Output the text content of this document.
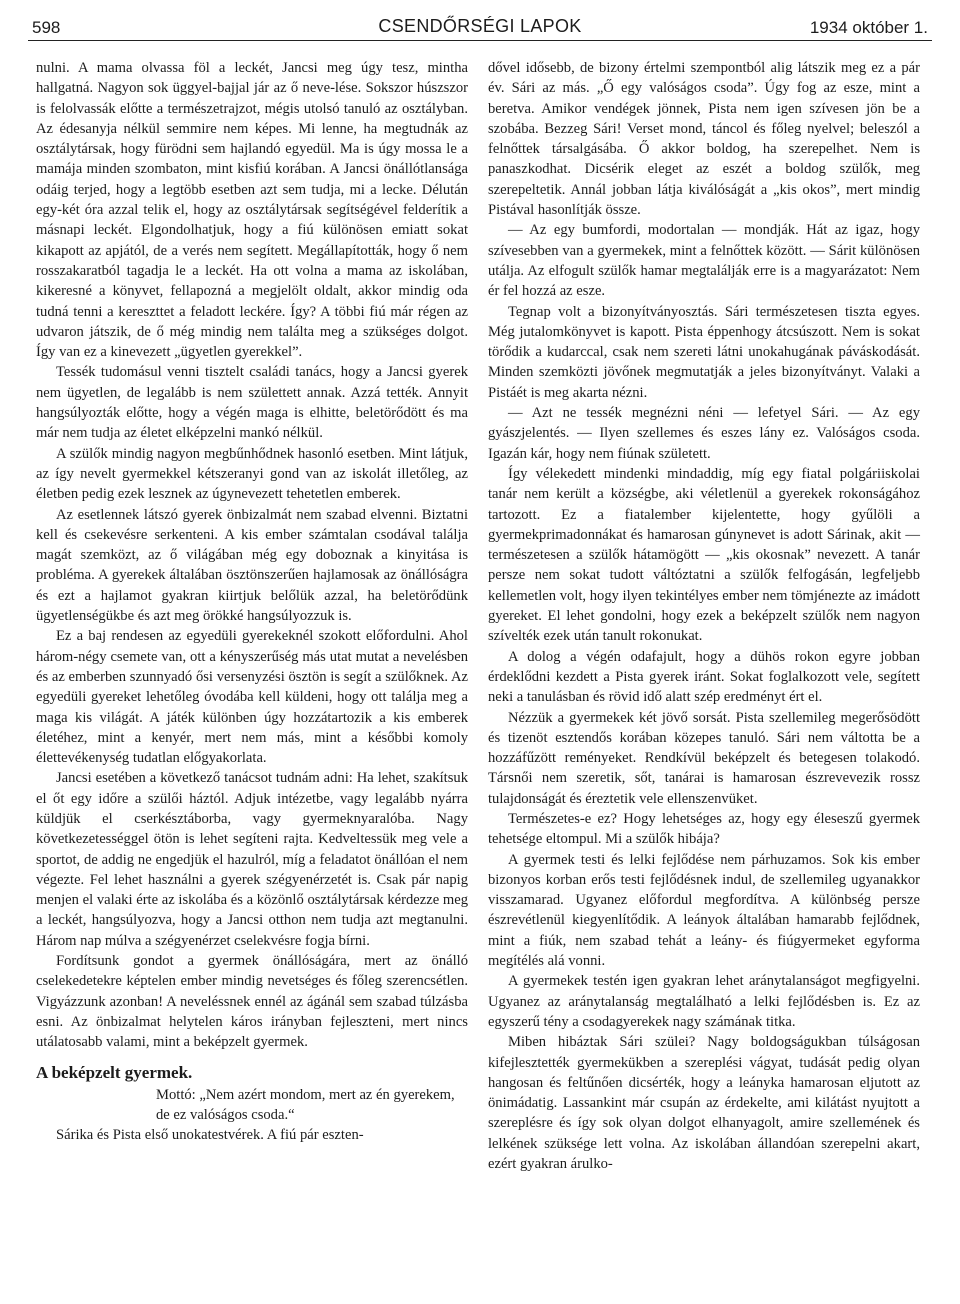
598	CSENDŐRSÉGI LAPOK	1934 október 1.

nulni. A mama olvassa föl a leckét, Jancsi meg úgy tesz, mintha hallgatná. Nagyon sok üggyel-bajjal jár az ő neve-lése. Sokszor húszszor is felolvassák előtte a természetrajzot, mégis utolsó tanuló az osztályban. Az édesanyja nélkül semmire nem képes. Mi lenne, ha megtudnák az osztálytársak, hogy fürödni sem hajlandó egyedül. Ma is úgy mossa le a mamája minden szombaton, mint kisfiú korában. A Jancsi önállótlansága odáig terjed, hogy a legtöbb esetben azt sem tudja, mi a lecke. Délután egy-két óra azzal telik el, hogy az osztálytársak segítségével felderítik a másnapi leckét. Elgondolhatjuk, hogy a fiú különösen emiatt sokat kikapott az apjától, de a verés nem segített. Megállapították, hogy ő nem rosszakaratból tagadja le a leckét. Ha ott volna a mama az iskolában, kikeresné a könyvet, fellapozná a megjelölt oldalt, akkor mindig oda tudná tenni a kereszttet a feladott leckére. Így? A többi fiú már régen az udvaron játszik, de ő még mindig nem találta meg a szükséges dolgot. Így van ez a kinevezett „ügyetlen gyerekkel”.

Tessék tudomásul venni tisztelt családi tanács, hogy a Jancsi gyerek nem ügyetlen, de legalább is nem születtett annak. Azzá tették. Annyit hangsúlyozták előtte, hogy a végén maga is elhitte, beletörődött és ma már nem tudja az életet elképzelni mankó nélkül.

A szülők mindig nagyon megbűnhődnek hasonló esetben. Mint látjuk, az így nevelt gyermekkel kétszeranyi gond van az iskolát illetőleg, az életben pedig ezek lesznek az úgynevezett tehetetlen emberek.

Az esetlennek látszó gyerek önbizalmát nem szabad elvenni. Biztatni kell és csekevésre serkenteni. A kis ember számtalan csodával találja magát szemközt, az ő világában még egy doboznak a kinyitása is probléma. A gyerekek általában ösztönszerűen hajlamosak az önállóságra és ezt a hajlamot gyakran kiirtjuk belőlük azzal, ha beletörődünk ügyetlenségükbe és azt meg örökké hangsúlyozzuk is.

Ez a baj rendesen az egyedüli gyerekeknél szokott előfordulni. Ahol három-négy csemete van, ott a kényszerűség más utat mutat a nevelésben és az emberben szunnyadó ősi versenyzési ösztön is segít a szülőknek. Az egyedüli gyereket lehetőleg óvodába kell küldeni, hogy ott találja meg a maga kis világát. A játék különben úgy hozzátartozik a kis emberek életéhez, mint a kenyér, mert nem más, mint a későbbi komoly élettevékenység tudatlan előgyakorlata.

Jancsi esetében a következő tanácsot tudnám adni: Ha lehet, szakítsuk el őt egy időre a szülői háztól. Adjuk intézetbe, vagy legalább nyárra küldjük el cserkésztáborba, vagy gyermeknyaralóba. Nagy következetességgel ötön is lehet segíteni rajta. Kedveltessük meg vele a sportot, de addig ne engedjük el hazulról, míg a feladatot önállóan el nem végezte. Fel lehet használni a gyerek szégyenérzetét is. Csak pár napig menjen el valaki érte az iskolába és a közönlő osztálytársak kérdezze meg a leckét, hangsúlyozva, hogy a Jancsi otthon nem tudja azt megtanulni. Három nap múlva a szégyenérzet cselekvésre fogja bírni.

Fordítsunk gondot a gyermek önállóságára, mert az önálló cselekedetekre képtelen ember mindig nevetséges és főleg szerencsétlen. Vigyázzunk azonban! A neveléssnek ennél az ágánál sem szabad túlzásba esni. Az önbizalmat helytelen káros irányban fejleszteni, mert nincs utálatosabb valami, mint a beképzelt gyermek.

A beképzelt gyermek.

Mottó: „Nem azért mondom, mert az én gyerekem, de ez valóságos csoda.“

Sárika és Pista első unokatestvérek. A fiú pár eszten-

dővel idősebb, de bizony értelmi szempontból alig látszik meg ez a pár év. Sári az más. „Ő egy valóságos csoda”. Úgy fog az esze, mint a beretva. Amikor vendégek jönnek, Pista nem igen szívesen jön be a szobába. Bezzeg Sári! Verset mond, táncol és főleg nyelvel; beleszól a felnőttek társalgásába. Ő akkor boldog, ha szerepelhet. Nem is panaszkodhat. Dicsérik eleget az eszét a boldog szülők, meg szerepeltetik. Annál jobban látja kiválóságát a „kis okos”, mert mindig Pistával hasonlítják össze.

— Az egy bumfordi, modortalan — mondják. Hát az igaz, hogy szívesebben van a gyermekek, mint a felnőttek között. — Sárit különösen utálja. Az elfogult szülők hamar megtalálják erre is a magyarázatot: Nem ér fel hozzá az esze.

Tegnap volt a bizonyítványosztás. Sári természetesen tiszta egyes. Még jutalomkönyvet is kapott. Pista éppenhogy átcsúszott. Nem is sokat törődik a kudarccal, csak nem szereti látni unokahugának páváskodását. Minden szemközti jövőnek megmutatják a jeles bizonyítványt. Valaki a Pistáét is meg akarta nézni.

— Azt ne tessék megnézni néni — lefetyel Sári. — Az egy gyászjelentés. — Ilyen szellemes és eszes lány ez. Valóságos csoda. Igazán kár, hogy nem fiúnak született.

Így vélekedett mindenki mindaddig, míg egy fiatal polgáriiskolai tanár nem került a községbe, aki véletlenül a gyerekek rokonságához tartozott. Ez a fiatalember kijelentette, hogy gyűlöli a gyermekprimadonnákat és hamarosan gúnynevet is adott Sárinak, akit — természetesen a szülők hátamögött — „kis okosnak” nevezett. A tanár persze nem sokat tudott váltóztatni a szülők felfogásán, legfeljebb kellemetlen volt, hogy ilyen tekintélyes ember nem tömjénezte az imádott gyereket. El lehet gondolni, hogy ezek a beképzelt szülők nem nagyon szívelték ezek után tanult rokonukat.

A dolog a végén odafajult, hogy a dühös rokon egyre jobban érdeklődni kezdett a Pista gyerek iránt. Sokat foglalkozott vele, segített neki a tanulásban és rövid idő alatt szép eredményt ért el.

Nézzük a gyermekek két jövő sorsát. Pista szellemileg megerősödött és tizenöt esztendős korában közepes tanuló. Sári nem váltotta be a hozzáfűzött reményeket. Rendkívül beképzelt és betegesen tolakodó. Társnői nem szeretik, sőt, tanárai is hamarosan észrevevezik rossz tulajdonságát és éreztetik vele ellenszenvüket.

Természetes-e ez? Hogy lehetséges az, hogy egy éleseszű gyermek tehetsége eltompul. Mi a szülők hibája?

A gyermek testi és lelki fejlődése nem párhuzamos. Sok kis ember bizonyos korban erős testi fejlődésnek indul, de szellemileg ugyanakkor visszamarad. Ugyanez előfordul megfordítva. A különbség persze észrevétlenül kiegyenlítődik. A leányok általában hamarabb fejlődnek, mint a fiúk, nem szabad tehát a leány- és fiúgyermeket egyforma megítélés alá vonni.

A gyermekek testén igen gyakran lehet aránytalanságot megfigyelni. Ugyanez az aránytalanság megtalálható a lelki fejlődésben is. Ez az egyszerű tény a csodagyerekek nagy számának titka.

Miben hibáztak Sári szülei? Nagy boldogságukban túlságosan kifejlesztették gyermekükben a szereplési vágyat, tudását pedig olyan hangosan és feltűnően dicsérték, hogy a leányka hamarosan eljutott az önimádatig. Lassankint már csupán az érdekelte, ami kilátást nyujtott a szereplésre és így sok olyan dolgot elhanyagolt, amire szellemének és lelkének szüksége lett volna. Az iskolában állandóan szerepelni akart, ezért gyakran árulko-
